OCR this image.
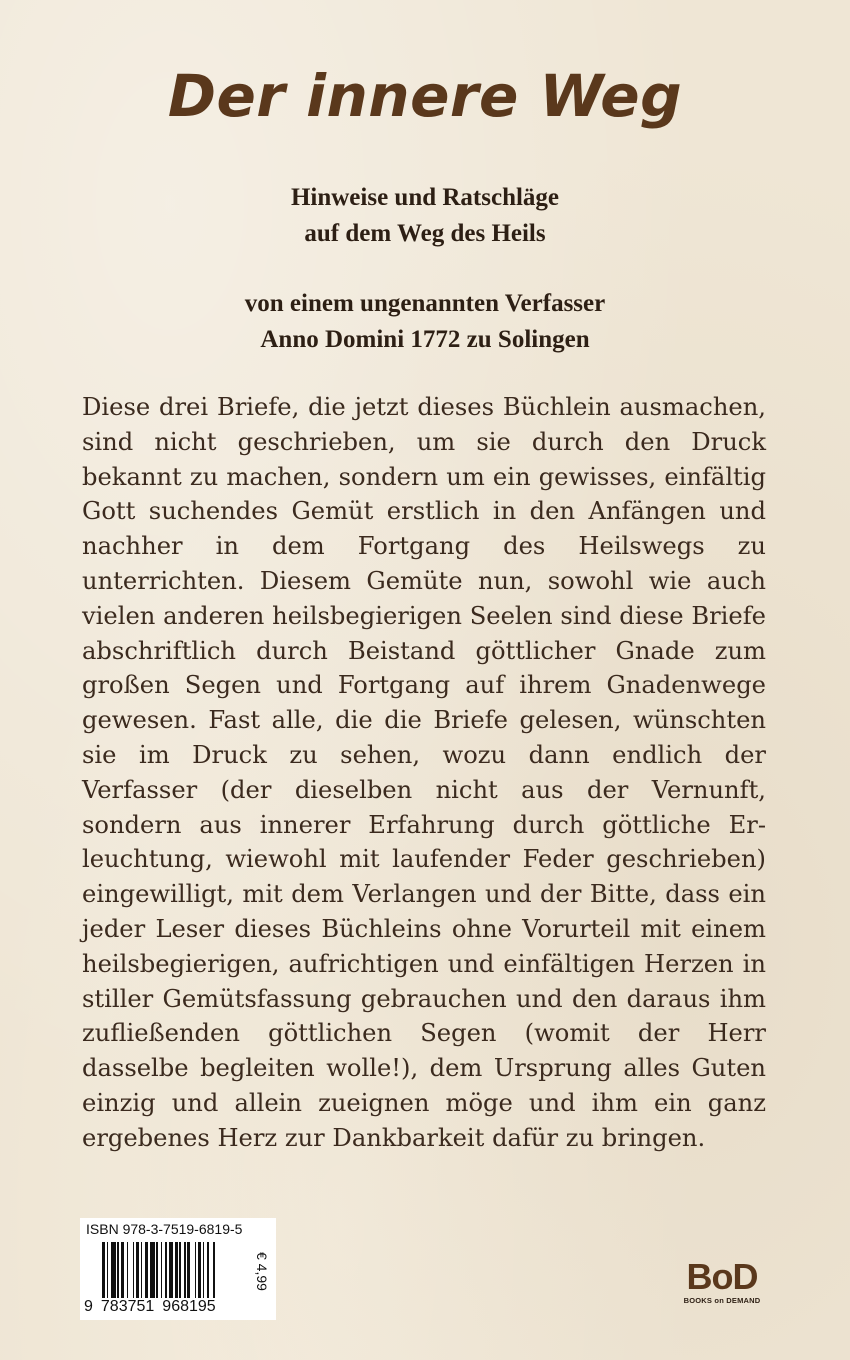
Der innere Weg
Hinweise und Ratschläge
auf dem Weg des Heils
von einem ungenannten Verfasser
Anno Domini 1772 zu Solingen
Diese drei Briefe, die jetzt dieses Büchlein ausmachen, sind nicht geschrieben, um sie durch den Druck bekannt zu machen, sondern um ein gewisses, einfältig Gott suchendes Gemüt erstlich in den Anfängen und nachher in dem Fortgang des Heilswegs zu unterrichten. Diesem Gemüte nun, sowohl wie auch vielen anderen heilsbegierigen Seelen sind diese Briefe abschriftlich durch Beistand göttlicher Gnade zum großen Segen und Fortgang auf ihrem Gnadenwege gewesen. Fast alle, die die Briefe gelesen, wünschten sie im Druck zu sehen, wozu dann endlich der Verfasser (der dieselben nicht aus der Vernunft, sondern aus innerer Erfahrung durch göttliche Erleuchtung, wiewohl mit laufender Feder geschrieben) eingewilligt, mit dem Verlangen und der Bitte, dass ein jeder Leser dieses Büchleins ohne Vorurteil mit einem heilsbegierigen, aufrichtigen und einfältigen Herzen in stiller Gemütsfassung gebrauchen und den daraus ihm zufließenden göttlichen Segen (womit der Herr dasselbe begleiten wolle!), dem Ursprung alles Guten einzig und allein zueignen möge und ihm ein ganz ergebenes Herz zur Dankbarkeit dafür zu bringen.
ISBN 978-3-7519-6819-5
9 783751 968195
€ 4,99	BoD
BOOKS on DEMAND
